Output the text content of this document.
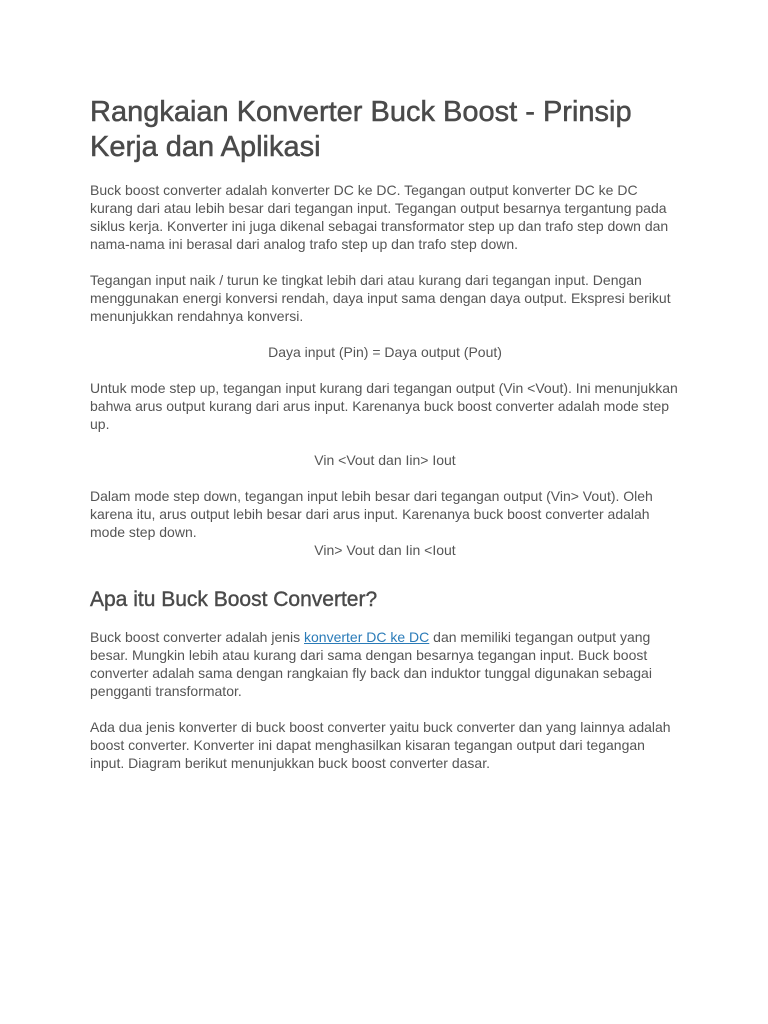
Rangkaian Konverter Buck Boost - Prinsip Kerja dan Aplikasi

Buck boost converter adalah konverter DC ke DC. Tegangan output konverter DC ke DC kurang dari atau lebih besar dari tegangan input. Tegangan output besarnya tergantung pada siklus kerja. Konverter ini juga dikenal sebagai transformator step up dan trafo step down dan nama-nama ini berasal dari analog trafo step up dan trafo step down.

Tegangan input naik / turun ke tingkat lebih dari atau kurang dari tegangan input. Dengan menggunakan energi konversi rendah, daya input sama dengan daya output. Ekspresi berikut menunjukkan rendahnya konversi.

Daya input (Pin) = Daya output (Pout)

Untuk mode step up, tegangan input kurang dari tegangan output (Vin <Vout). Ini menunjukkan bahwa arus output kurang dari arus input. Karenanya buck boost converter adalah mode step up.

Vin <Vout dan Iin> Iout

Dalam mode step down, tegangan input lebih besar dari tegangan output (Vin> Vout). Oleh karena itu, arus output lebih besar dari arus input. Karenanya buck boost converter adalah mode step down.

Vin> Vout dan Iin <Iout

Apa itu Buck Boost Converter?

Buck boost converter adalah jenis konverter DC ke DC dan memiliki tegangan output yang besar. Mungkin lebih atau kurang dari sama dengan besarnya tegangan input. Buck boost converter adalah sama dengan rangkaian fly back dan induktor tunggal digunakan sebagai pengganti transformator.

Ada dua jenis konverter di buck boost converter yaitu buck converter dan yang lainnya adalah boost converter. Konverter ini dapat menghasilkan kisaran tegangan output dari tegangan input. Diagram berikut menunjukkan buck boost converter dasar.
